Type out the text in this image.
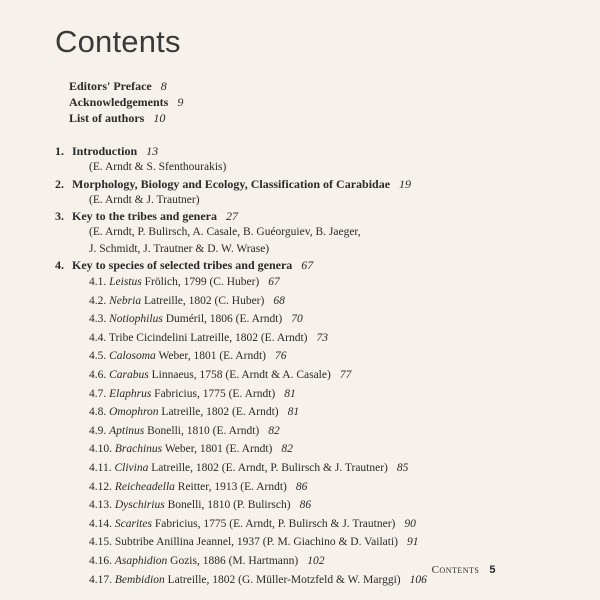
Contents
Editors' Preface 8
Acknowledgements 9
List of authors 10
1. Introduction 13
(E. Arndt & S. Sfenthourakis)
2. Morphology, Biology and Ecology, Classification of Carabidae 19
(E. Arndt & J. Trautner)
3. Key to the tribes and genera 27
(E. Arndt, P. Bulirsch, A. Casale, B. Guéorguiev, B. Jaeger,
J. Schmidt, J. Trautner & D. W. Wrase)
4. Key to species of selected tribes and genera 67
4.1. Leistus Frölich, 1799 (C. Huber) 67
4.2. Nebria Latreille, 1802 (C. Huber) 68
4.3. Notiophilus Duméril, 1806 (E. Arndt) 70
4.4. Tribe Cicindelini Latreille, 1802 (E. Arndt) 73
4.5. Calosoma Weber, 1801 (E. Arndt) 76
4.6. Carabus Linnaeus, 1758 (E. Arndt & A. Casale) 77
4.7. Elaphrus Fabricius, 1775 (E. Arndt) 81
4.8. Omophron Latreille, 1802 (E. Arndt) 81
4.9. Aptinus Bonelli, 1810 (E. Arndt) 82
4.10. Brachinus Weber, 1801 (E. Arndt) 82
4.11. Clivina Latreille, 1802 (E. Arndt, P. Bulirsch & J. Trautner) 85
4.12. Reicheadella Reitter, 1913 (E. Arndt) 86
4.13. Dyschirius Bonelli, 1810 (P. Bulirsch) 86
4.14. Scarites Fabricius, 1775 (E. Arndt, P. Bulirsch & J. Trautner) 90
4.15. Subtribe Anillina Jeannel, 1937 (P. M. Giachino & D. Vailati) 91
4.16. Asaphidion Gozis, 1886 (M. Hartmann) 102
4.17. Bembidion Latreille, 1802 (G. Müller-Motzfeld & W. Marggi) 106
Contents 5
